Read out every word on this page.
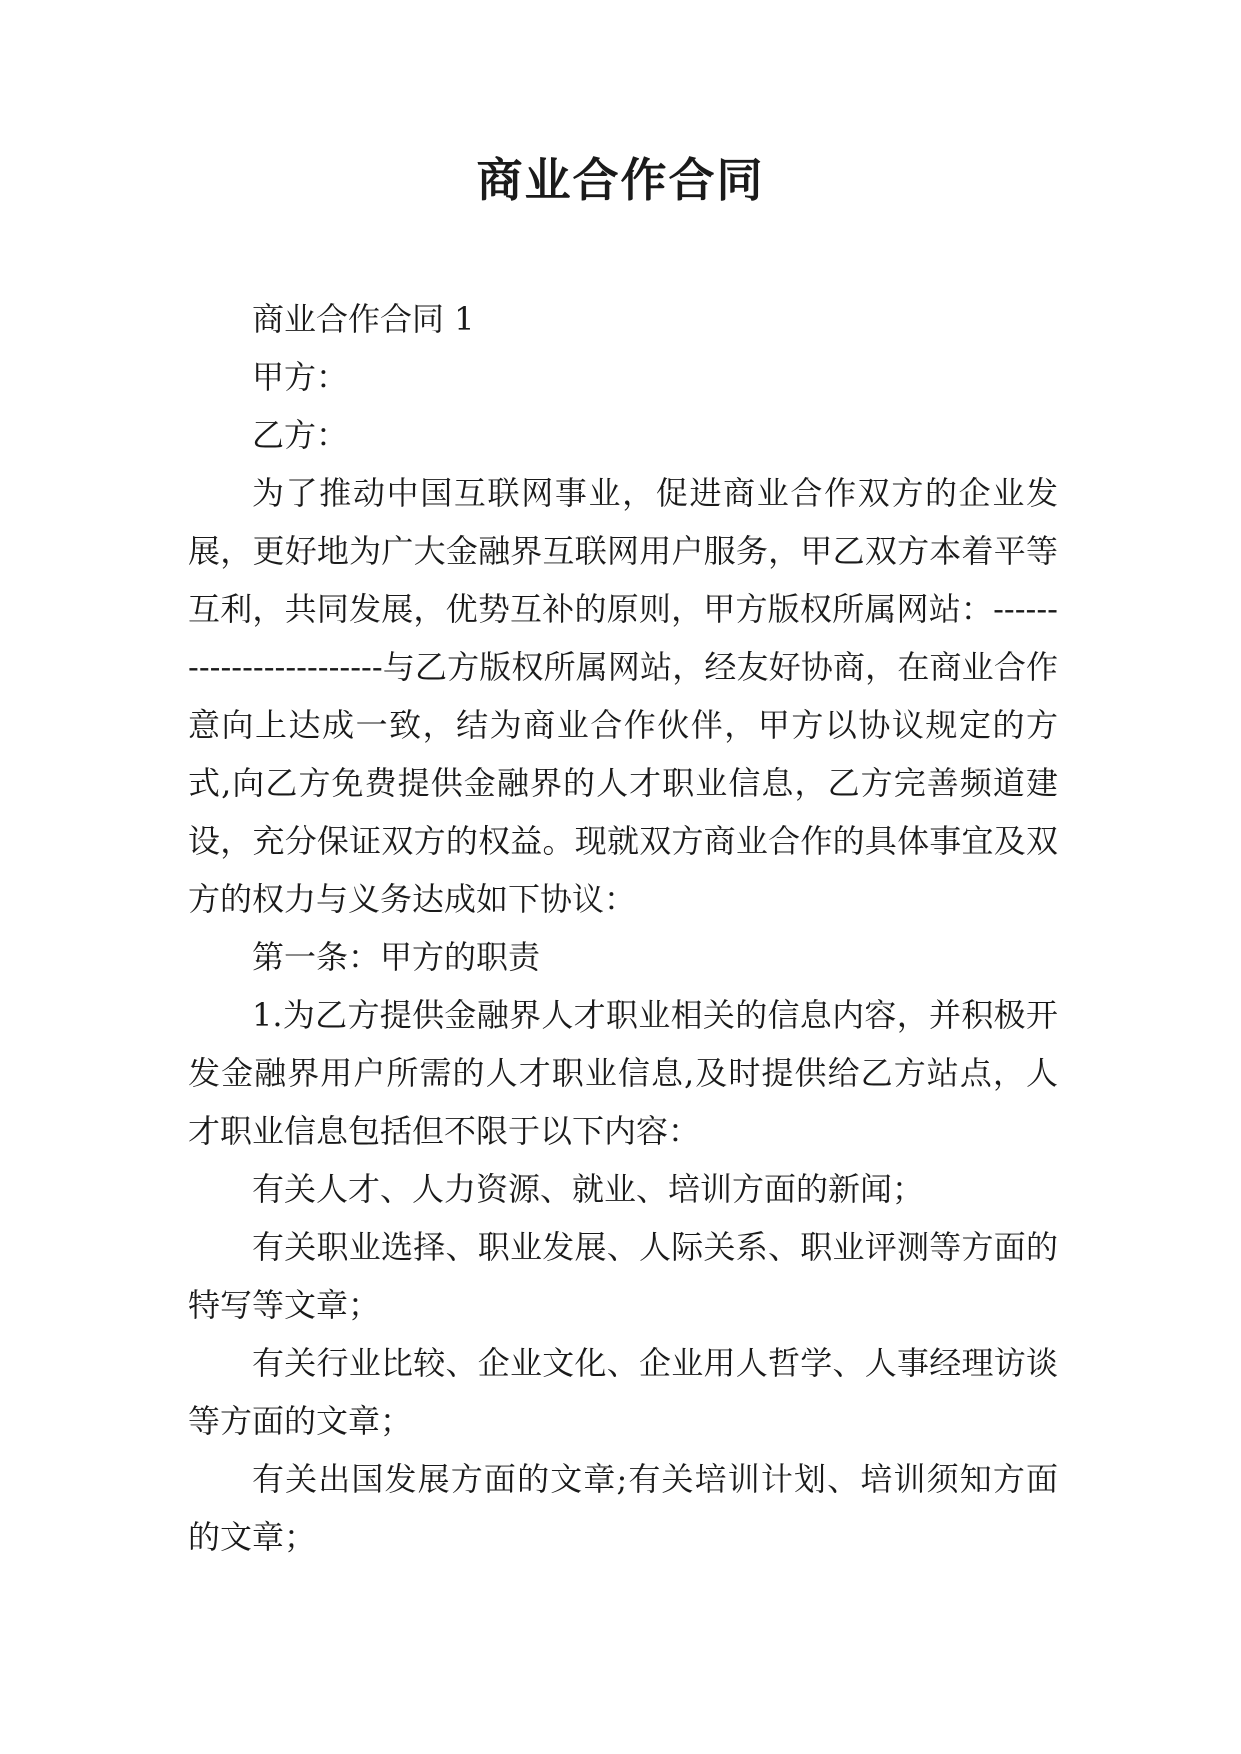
商业合作合同

商业合作合同 1

甲方：

乙方：

为了推动中国互联网事业，促进商业合作双方的企业发展，更好地为广大金融界互联网用户服务，甲乙双方本着平等互利，共同发展，优势互补的原则，甲方版权所属网站：------------------------与乙方版权所属网站，经友好协商，在商业合作意向上达成一致，结为商业合作伙伴，甲方以协议规定的方式,向乙方免费提供金融界的人才职业信息，乙方完善频道建设，充分保证双方的权益。现就双方商业合作的具体事宜及双方的权力与义务达成如下协议：

第一条：甲方的职责

1.为乙方提供金融界人才职业相关的信息内容，并积极开发金融界用户所需的人才职业信息,及时提供给乙方站点，人才职业信息包括但不限于以下内容：

有关人才、人力资源、就业、培训方面的新闻；

有关职业选择、职业发展、人际关系、职业评测等方面的特写等文章；

有关行业比较、企业文化、企业用人哲学、人事经理访谈等方面的文章；

有关出国发展方面的文章;有关培训计划、培训须知方面的文章；
